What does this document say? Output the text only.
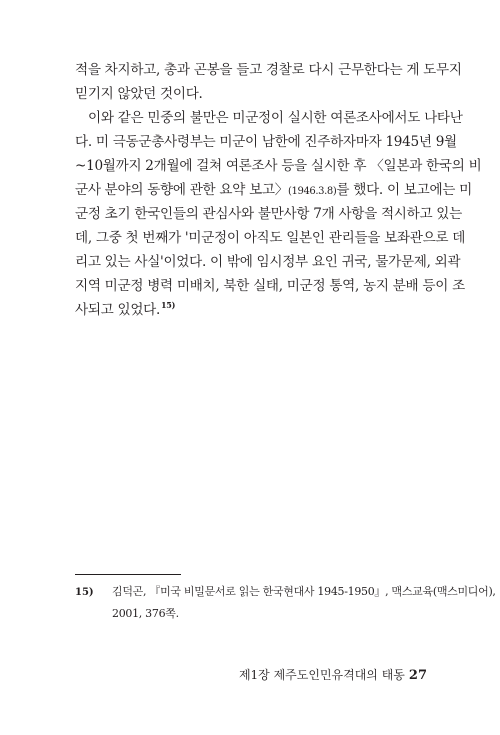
적을 차지하고, 총과 곤봉을 들고 경찰로 다시 근무한다는 게 도무지
믿기지 않았던 것이다.
이와 같은 민중의 불만은 미군정이 실시한 여론조사에서도 나타난
다. 미 극동군총사령부는 미군이 남한에 진주하자마자 1945년 9월
~10월까지 2개월에 걸쳐 여론조사 등을 실시한 후 〈일본과 한국의 비
군사 분야의 동향에 관한 요약 보고〉(1946.3.8)를 했다. 이 보고에는 미
군정 초기 한국인들의 관심사와 불만사항 7개 사항을 적시하고 있는
데, 그중 첫 번째가 '미군정이 아직도 일본인 관리들을 보좌관으로 데
리고 있는 사실'이었다. 이 밖에 임시정부 요인 귀국, 물가문제, 외곽
지역 미군정 병력 미배치, 북한 실태, 미군정 통역, 농지 분배 등이 조
사되고 있었다.$^{15)}$
15) 김덕곤, 『미국 비밀문서로 읽는 한국현대사 1945-1950』, 맥스교육(맥스미디어),
2001, 376쪽.
제1장 제주도인민유격대의 태동 27
